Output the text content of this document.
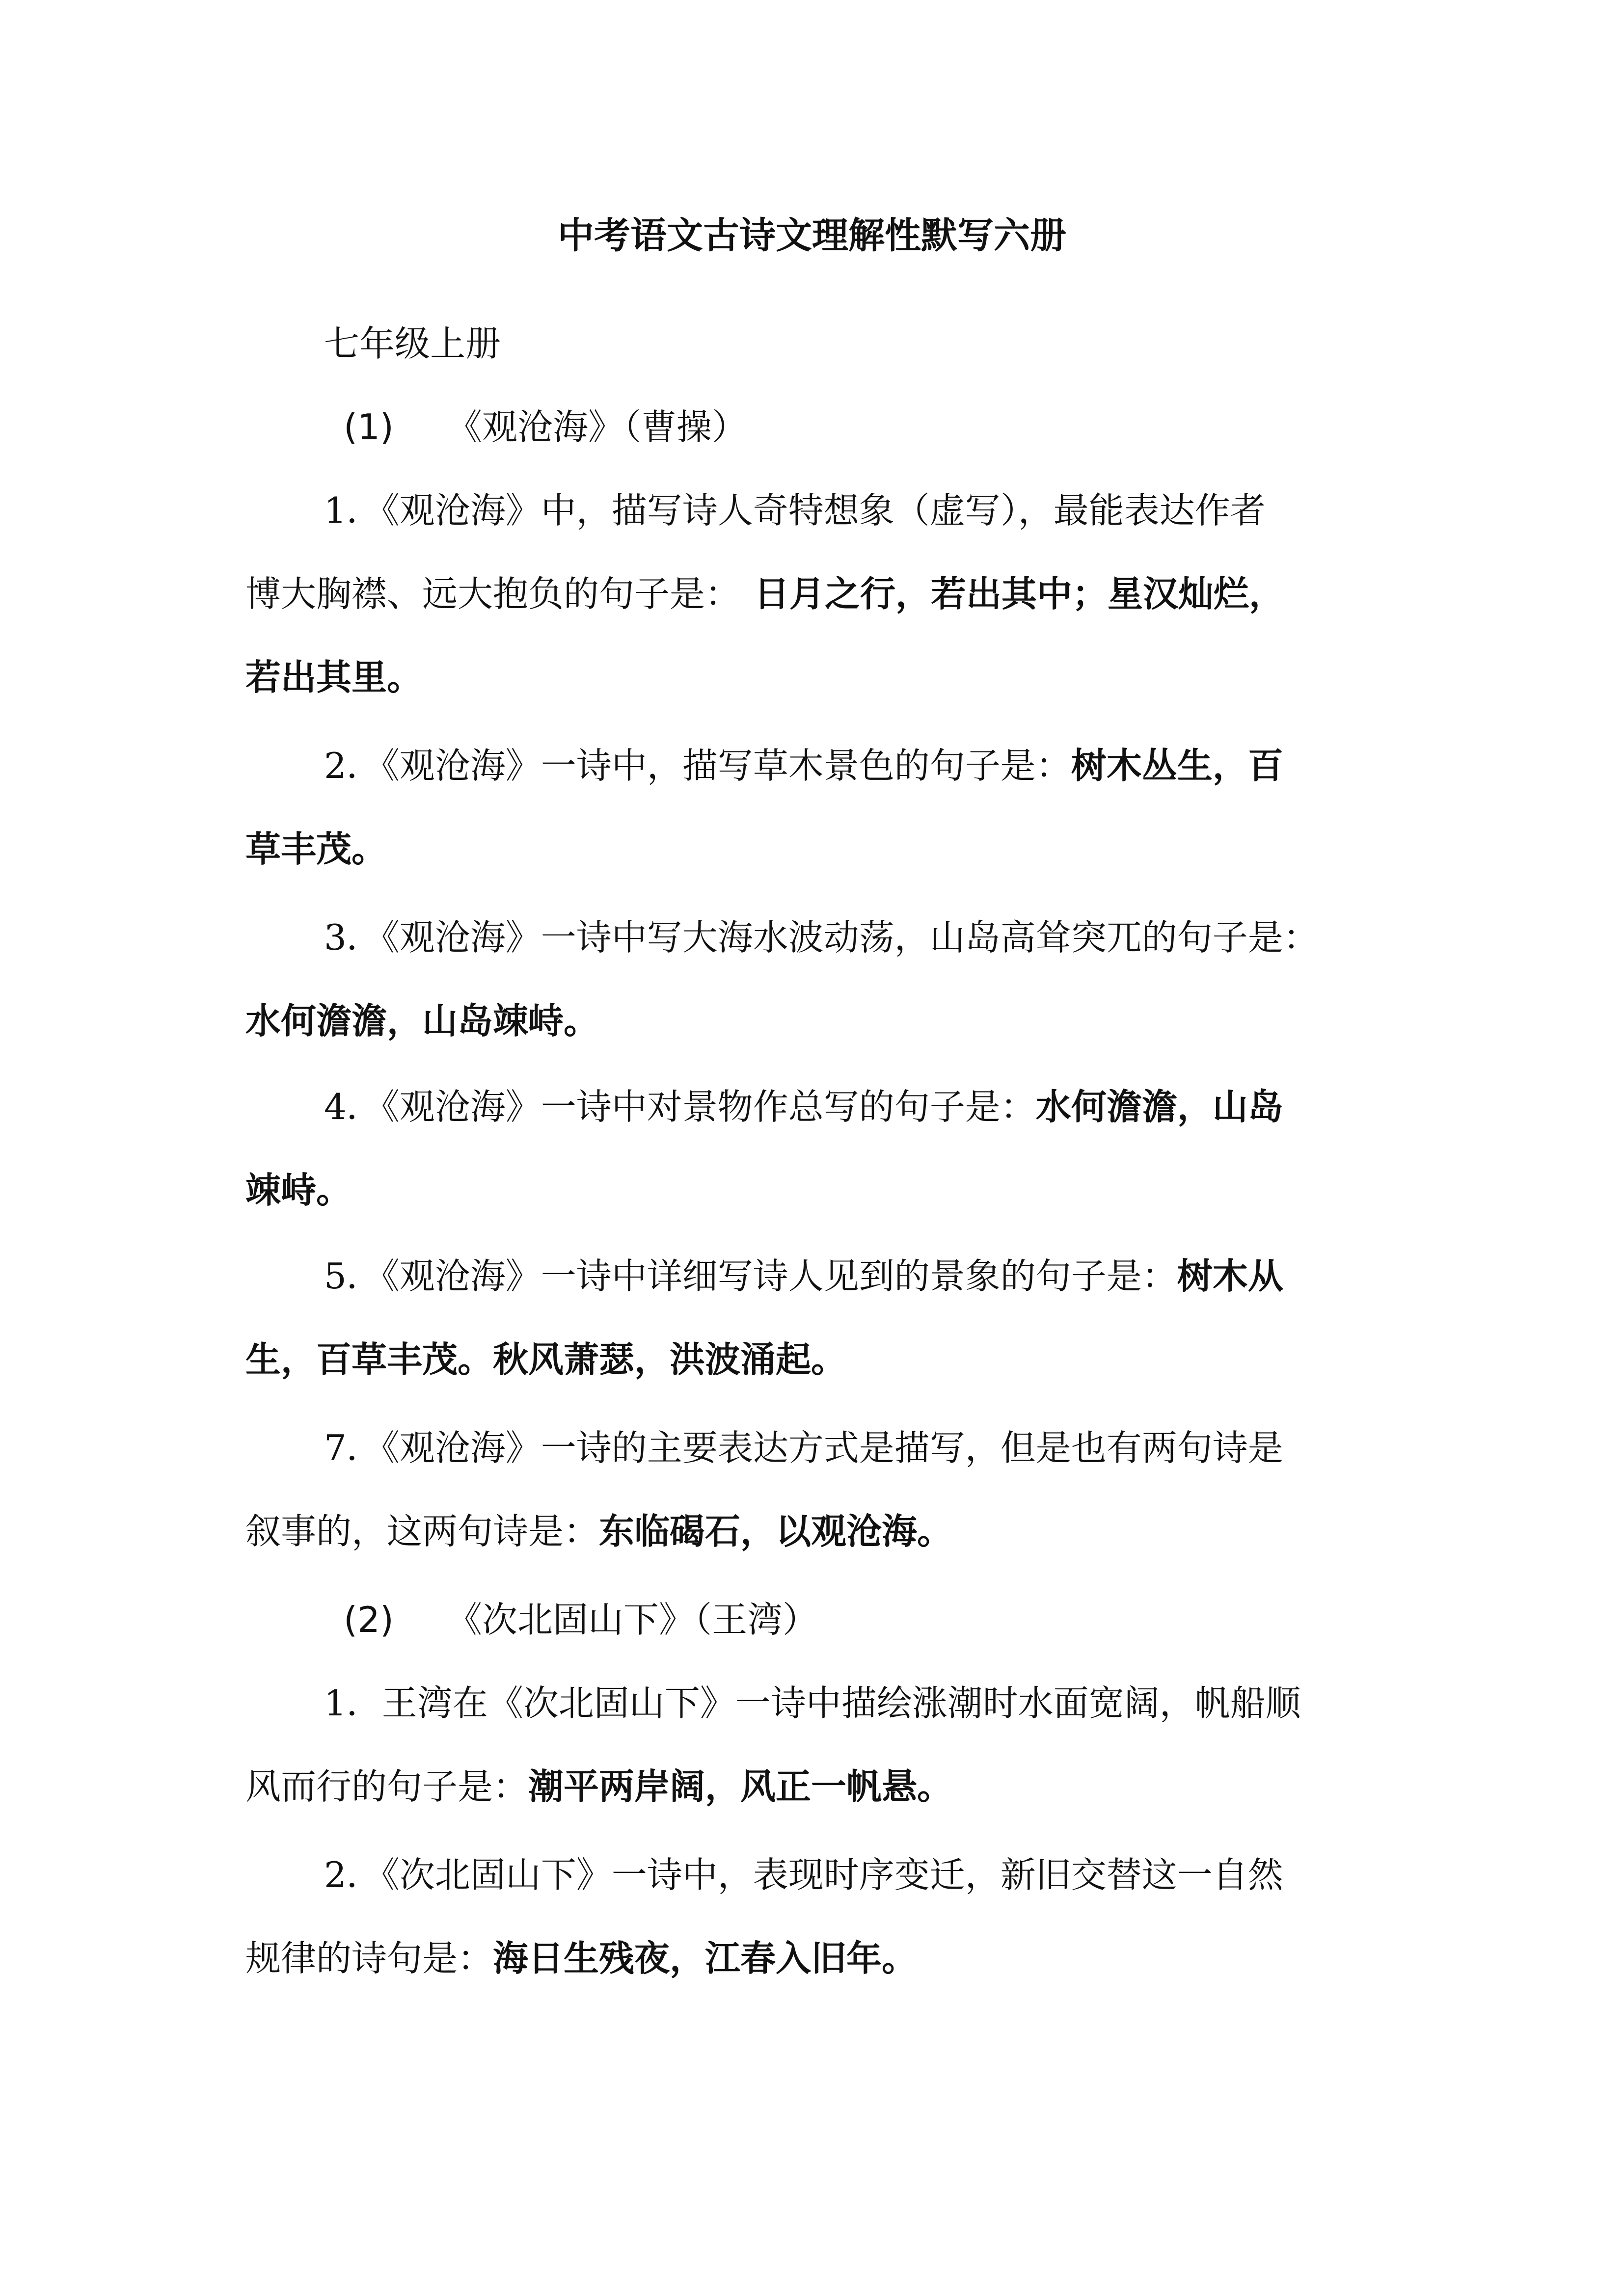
中考语文古诗文理解性默写六册
七年级上册
(1) 《观沧海》（曹操）
1．《观沧海》中，描写诗人奇特想象（虚写），最能表达作者
博大胸襟、远大抱负的句子是： 日月之行，若出其中；星汉灿烂，
若出其里。
2．《观沧海》一诗中，描写草木景色的句子是：树木丛生，百
草丰茂。
3．《观沧海》一诗中写大海水波动荡，山岛高耸突兀的句子是：
水何澹澹，山岛竦峙。
4．《观沧海》一诗中对景物作总写的句子是：水何澹澹，山岛
竦峙。
5．《观沧海》一诗中详细写诗人见到的景象的句子是：树木从
生，百草丰茂。秋风萧瑟，洪波涌起。
7．《观沧海》一诗的主要表达方式是描写，但是也有两句诗是
叙事的，这两句诗是：东临碣石，以观沧海。
(2) 《次北固山下》（王湾）
1．王湾在《次北固山下》一诗中描绘涨潮时水面宽阔，帆船顺
风而行的句子是：潮平两岸阔，风正一帆悬。
2．《次北固山下》一诗中，表现时序变迁，新旧交替这一自然
规律的诗句是：海日生残夜，江春入旧年。
